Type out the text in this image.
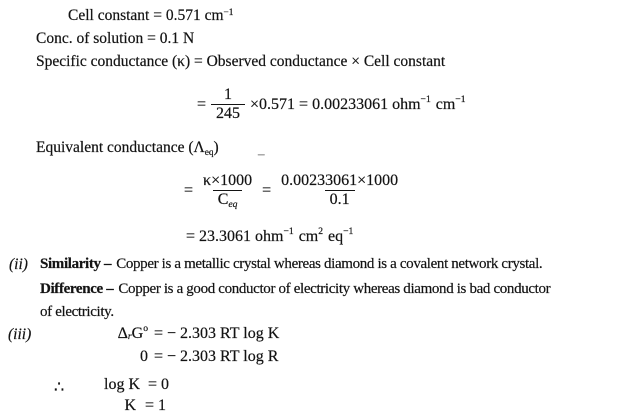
Cell constant = 0.571 $cm^{-1}$
Conc. of solution = 0.1 N
Specific conductance (κ) = Observed conductance × Cell constant
= $\frac{1}{245} \times 0.571 = 0.00233061$ ohm$^{-1}$ $cm^{-1}$
Equivalent conductance $(\Lambda_{eq})$	–
= $\frac{\kappa\times 1000}{C_{eq}} = \frac{0.00233061\times 1000}{0.1}$
= 23.3061 ohm$^{-1}$ $cm^2$ $eq^{-1}$
(ii) Similarity – Copper is a metallic crystal whereas diamond is a covalent network crystal.
Difference – Copper is a good conductor of electricity whereas diamond is bad conductor
of electricity.
(iii)	$\Delta_r$ $G^o$ = − 2.303 RT log K
0 = − 2.303 RT log R
∴	log K = 0
K = 1
